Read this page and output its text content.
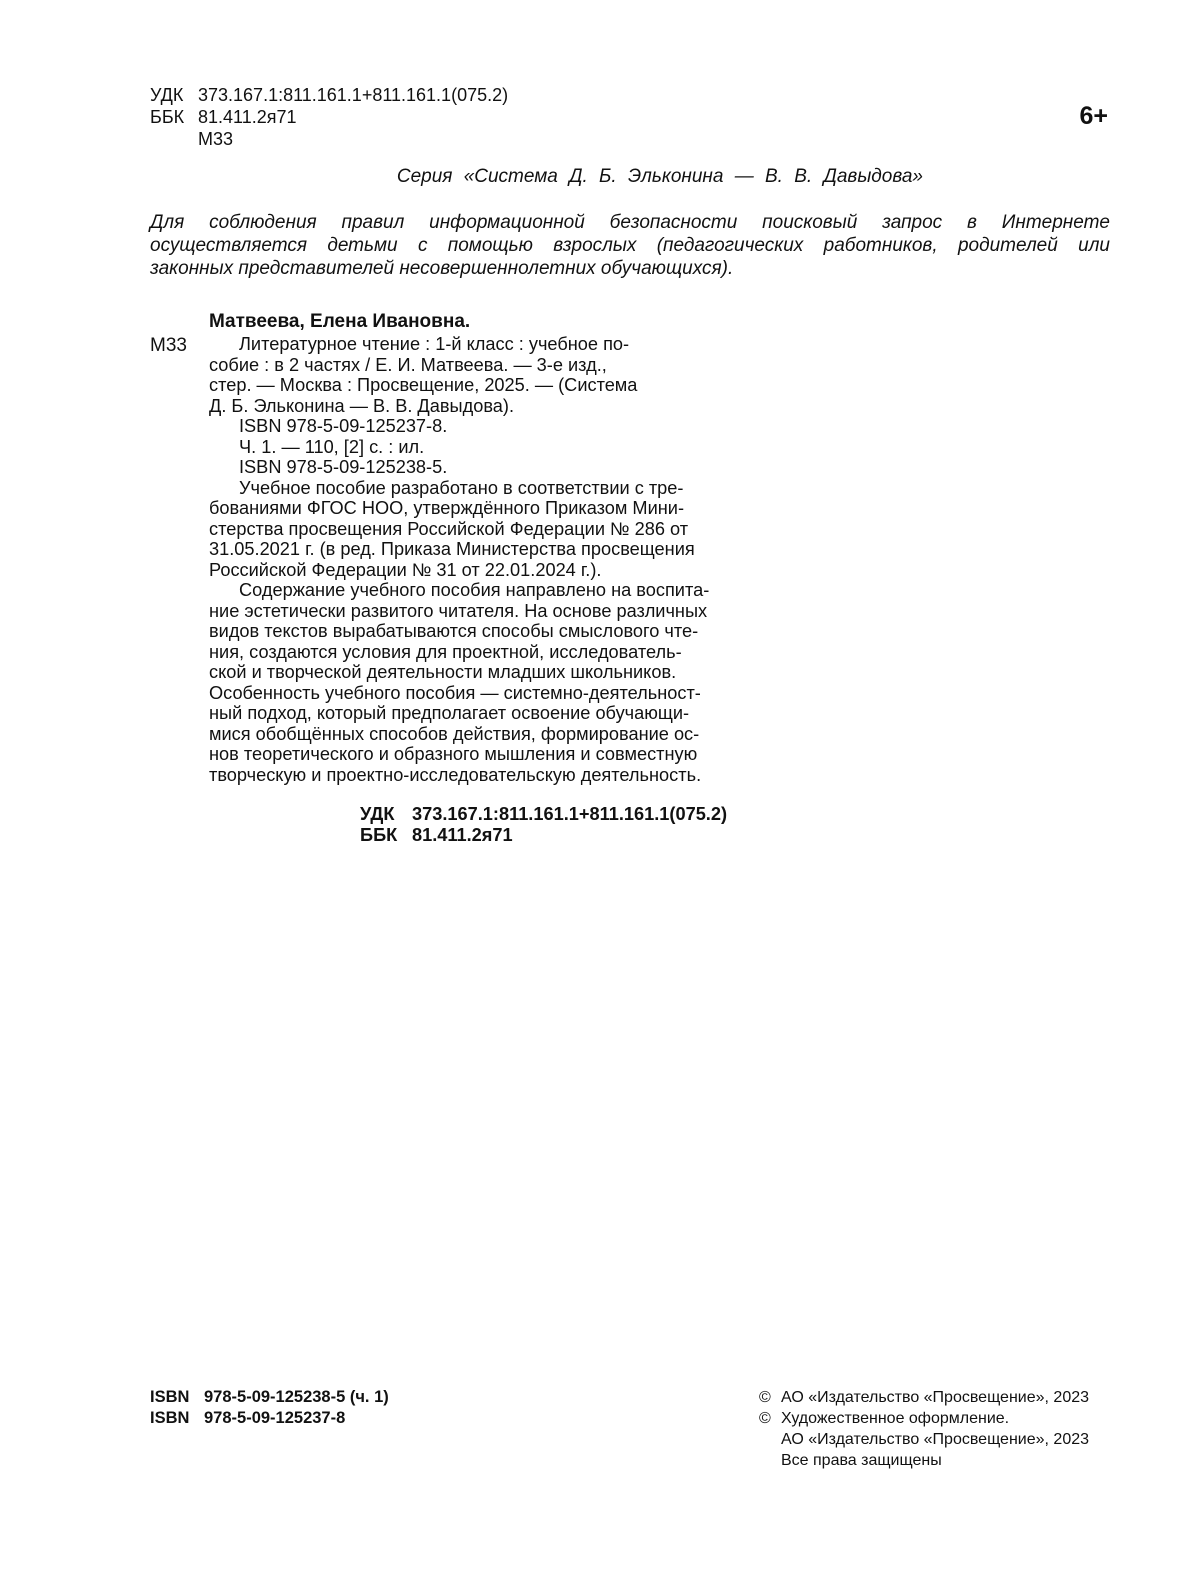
УДК 373.167.1:811.161.1+811.161.1(075.2)
ББК 81.411.2я71
М33
6+
Серия «Система Д. Б. Эльконина — В. В. Давыдова»
Для соблюдения правил информационной безопасности поисковый запрос в Интернете
осуществляется детьми с помощью взрослых (педагогических работников, родителей или
законных представителей несовершеннолетних обучающихся).
Матвеева, Елена Ивановна.
М33	Литературное чтение : 1-й класс : учебное по-
собие : в 2 частях / Е. И. Матвеева. — 3-е изд.,
стер. — Москва : Просвещение, 2025. — (Система
Д. Б. Эльконина — В. В. Давыдова).
ISBN 978-5-09-125237-8.
Ч. 1. — 110, [2] с. : ил.
ISBN 978-5-09-125238-5.
Учебное пособие разработано в соответствии с тре-
бованиями ФГОС НОО, утверждённого Приказом Мини-
стерства просвещения Российской Федерации № 286 от
31.05.2021 г. (в ред. Приказа Министерства просвещения
Российской Федерации № 31 от 22.01.2024 г.).
Содержание учебного пособия направлено на воспита-
ние эстетически развитого читателя. На основе различных
видов текстов вырабатываются способы смыслового чте-
ния, создаются условия для проектной, исследователь-
ской и творческой деятельности младших школьников.
Особенность учебного пособия — системно-деятельност-
ный подход, который предполагает освоение обучающи-
мися обобщённых способов действия, формирование ос-
нов теоретического и образного мышления и совместную
творческую и проектно-исследовательскую деятельность.
УДК 373.167.1:811.161.1+811.161.1(075.2)
ББК 81.411.2я71
ISBN 978-5-09-125238-5 (ч. 1)
ISBN 978-5-09-125237-8
© АО «Издательство «Просвещение», 2023
© Художественное оформление.
АО «Издательство «Просвещение», 2023
Все права защищены
